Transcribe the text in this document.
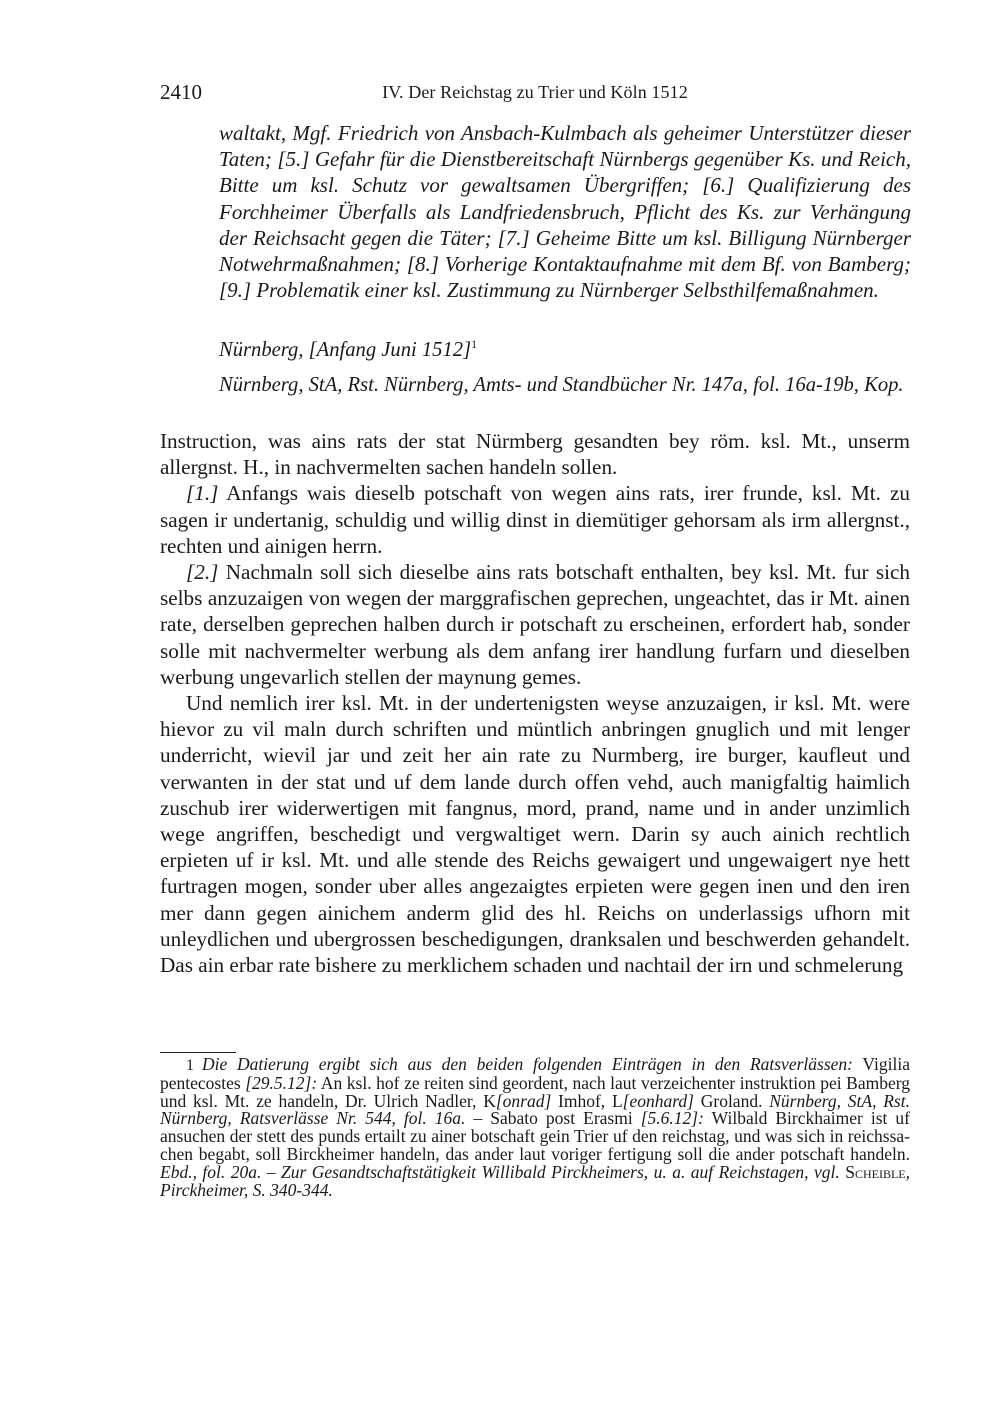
2410	IV. Der Reichstag zu Trier und Köln 1512
waltakt, Mgf. Friedrich von Ansbach-Kulmbach als geheimer Unterstützer dieser Taten; [5.] Gefahr für die Dienstbereitschaft Nürnbergs gegenüber Ks. und Reich, Bitte um ksl. Schutz vor gewaltsamen Übergriffen; [6.] Qualifizierung des Forchheimer Überfalls als Landfriedensbruch, Pflicht des Ks. zur Verhängung der Reichsacht gegen die Täter; [7.] Geheime Bitte um ksl. Billigung Nürnberger Notwehrmaßnahmen; [8.] Vorherige Kontaktaufnahme mit dem Bf. von Bamberg; [9.] Problematik einer ksl. Zustimmung zu Nürnberger Selbsthilfemaßnahmen.
Nürnberg, [Anfang Juni 1512]$^1$
Nürnberg, StA, Rst. Nürnberg, Amts- und Standbücher Nr. 147a, fol. 16a-19b, Kop.

Instruction, was ains rats der stat Nürmberg gesandten bey röm. ksl. Mt., unserm allergnst. H., in nachvermelten sachen handeln sollen.

[1.] Anfangs wais dieselb potschaft von wegen ains rats, irer frunde, ksl. Mt. zu sagen ir undertanig, schuldig und willig dinst in diemütiger gehorsam als irm allergnst., rechten und ainigen herrn.

[2.] Nachmaln soll sich dieselbe ains rats botschaft enthalten, bey ksl. Mt. fur sich selbs anzuzaigen von wegen der marggrafischen geprechen, ungeachtet, das ir Mt. ainen rate, derselben geprechen halben durch ir potschaft zu erscheinen, erfordert hab, sonder solle mit nachvermelter werbung als dem anfang irer handlung furfarn und dieselben werbung ungevarlich stellen der maynung gemes.

Und nemlich irer ksl. Mt. in der undertenigsten weyse anzuzaigen, ir ksl. Mt. were hievor zu vil maln durch schriften und müntlich anbringen gnuglich und mit lenger underricht, wievil jar und zeit her ain rate zu Nurmberg, ire burger, kaufleut und verwanten in der stat und uf dem lande durch offen vehd, auch manigfaltig haimlich zuschub irer widerwertigen mit fangnus, mord, prand, name und in ander unzimlich wege angriffen, beschedigt und vergwaltiget wern. Darin sy auch ainich rechtlich erpieten uf ir ksl. Mt. und alle stende des Reichs gewaigert und ungewaigert nye hett furtragen mogen, sonder uber alles angezaigtes erpieten were gegen inen und den iren mer dann gegen ainichem anderm glid des hl. Reichs on underlassigs ufhorn mit unleydlichen und ubergrossen beschedigungen, dranksalen und beschwerden gehandelt. Das ain erbar rate bishere zu merklichem schaden und nachtail der irn und schmelerung

1 Die Datierung ergibt sich aus den beiden folgenden Einträgen in den Ratsverlässen: Vigilia pentecostes [29.5.12]: An ksl. hof ze reiten sind geordent, nach laut verzeichenter instruktion pei Bamberg und ksl. Mt. ze handeln, Dr. Ulrich Nadler, K[onrad] Imhof, L[eonhard] Groland. Nürnberg, StA, Rst. Nürnberg, Ratsverlässe Nr. 544, fol. 16a. – Sabato post Erasmi [5.6.12]: Wilbald Birckhaimer ist uf ansuchen der stett des punds ertailt zu ainer botschaft gein Trier uf den reichstag, und was sich in reichssachen begabt, soll Birckheimer handeln, das ander laut voriger fertigung soll die ander potschaft handeln. Ebd., fol. 20a. – Zur Gesandtschaftstätigkeit Willibald Pirckheimers, u. a. auf Reichstagen, vgl. Scheible, Pirckheimer, S. 340-344.
